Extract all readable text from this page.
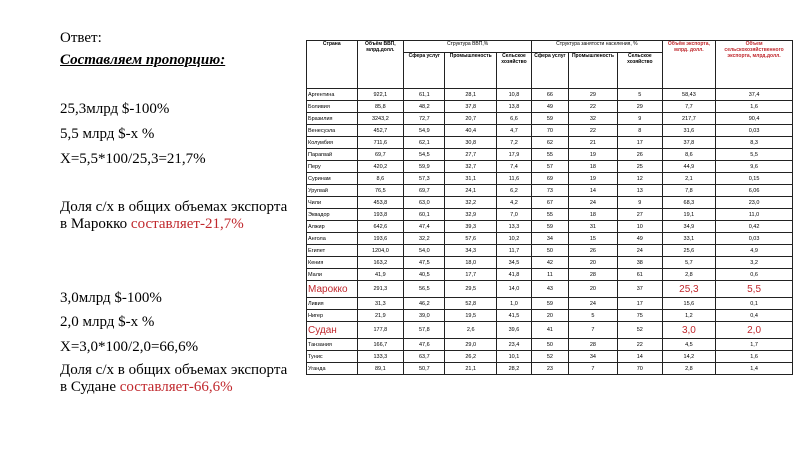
Ответ:
Составляем пропорцию:
25,3млрд $-100%
5,5 млрд $-х %
Х=5,5*100/25,3=21,7%
Доля с/х в общих объемах экспорта
в Марокко составляет-21,7%
3,0млрд $-100%
2,0 млрд $-х %
Х=3,0*100/2,0=66,6%
Доля с/х в общих объемах экспорта
в Судане составляет-66,6%
Страна	Объём ВВП, млрд.долл.	Структура ВВП,%			Структура занятости населения, %			Объём экспорта, млрд. долл.	Объем сельскохозяйственного экспорта, млрд.долл.
		Сфера услуг	Промышленость	Сельское хозяйство	Сфера услуг	Промышленость	Сельское хозяйство		
Аргентина	922,1	61,1	28,1	10,8	66	29	5	58,43	37,4
Боливия	85,8	48,2	37,8	13,8	49	22	29	7,7	1,6
Бразилия	3243,2	72,7	20,7	6,6	59	32	9	217,7	90,4
Венесуэла	452,7	54,9	40,4	4,7	70	22	8	31,6	0,03
Колумбия	711,6	62,1	30,8	7,2	62	21	17	37,8	8,3
Парагвай	69,7	54,5	27,7	17,9	55	19	26	8,6	5,5
Перу	420,2	59,9	32,7	7,4	57	18	25	44,9	9,6
Суринам	8,6	57,3	31,1	11,6	69	19	12	2,1	0,15
Уругвай	76,5	69,7	24,1	6,2	73	14	13	7,8	6,06
Чили	453,8	63,0	32,2	4,2	67	24	9	68,3	23,0
Эквадор	193,8	60,1	32,9	7,0	55	18	27	19,1	11,0
Алжир	642,6	47,4	39,3	13,3	59	31	10	34,9	0,42
Ангола	193,6	32,2	57,6	10,2	34	15	49	33,1	0,03
Египет	1204,0	54,0	34,3	11,7	50	26	24	25,6	4,9
Кения	163,2	47,5	18,0	34,5	42	20	38	5,7	3,2
Мали	41,9	40,5	17,7	41,8	11	28	61	2,8	0,6
Марокко	291,3	56,5	29,5	14,0	43	20	37	25,3	5,5
Ливия	31,3	46,2	52,8	1,0	59	24	17	15,6	0,1
Нигер	21,9	39,0	19,5	41,5	20	5	75	1,2	0,4
Судан	177,8	57,8	2,6	39,6	41	7	52	3,0	2,0
Танзания	166,7	47,6	29,0	23,4	50	28	22	4,5	1,7
Тунис	133,3	63,7	26,2	10,1	52	34	14	14,2	1,6
Уганда	89,1	50,7	21,1	28,2	23	7	70	2,8	1,4
